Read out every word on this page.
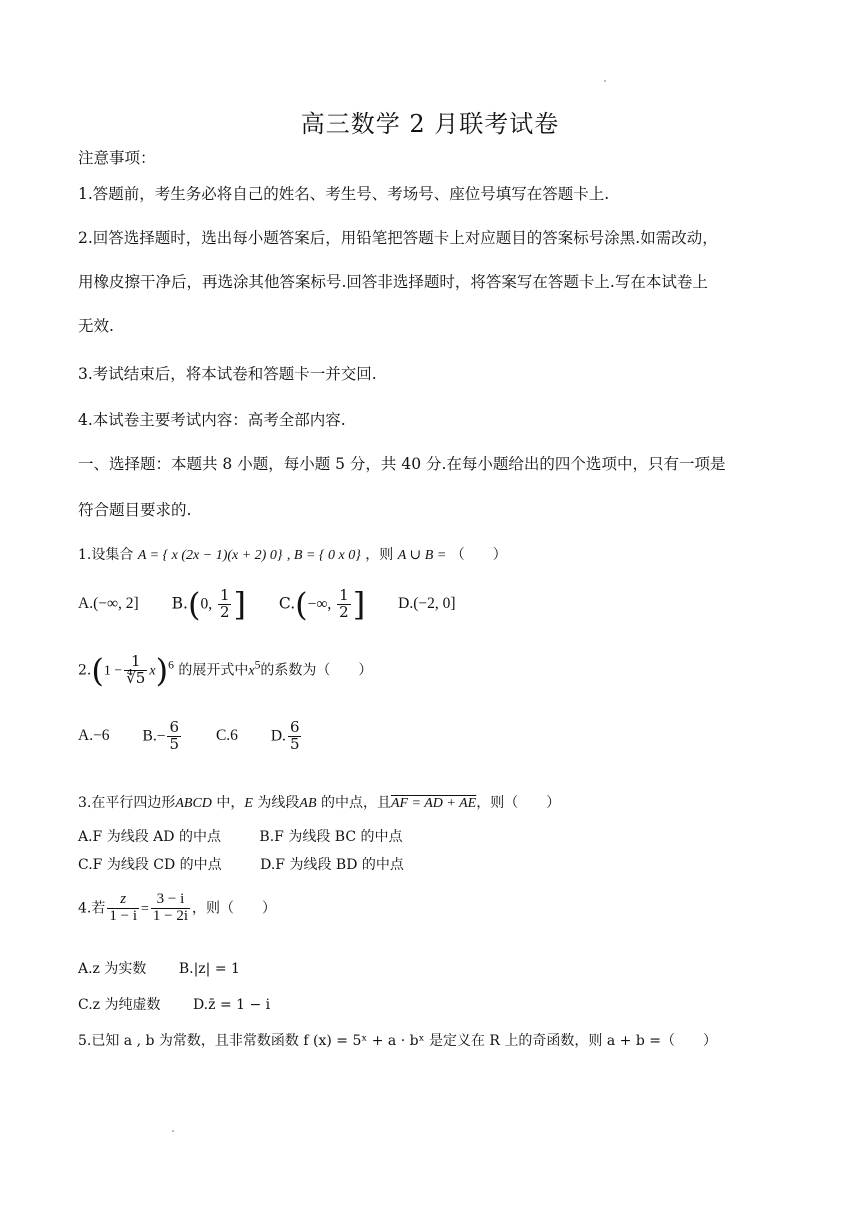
高三数学 2 月联考试卷
注意事项：
1.答题前，考生务必将自己的姓名、考生号、考场号、座位号填写在答题卡上.
2.回答选择题时，选出每小题答案后，用铅笔把答题卡上对应题目的答案标号涂黑.如需改动，
用橡皮擦干净后，再选涂其他答案标号.回答非选择题时，将答案写在答题卡上.写在本试卷上
无效.
3.考试结束后，将本试卷和答题卡一并交回.
4.本试卷主要考试内容：高考全部内容.
一、选择题：本题共 8 小题，每小题 5 分，共 40 分.在每小题给出的四个选项中，只有一项是
符合题目要求的.
1.设集合 A = { x (2x − 1)(x + 2) 0} , B = { 0 x 0} ，则 A ∪ B = （　　）
A.(−∞, 2] B.(0, $\frac{1}{2}$ ] C.(−∞, $\frac{1}{2}$ ] D.(−2, 0]
$2.(1 - \frac{1}{∜5} x)^6$ 的展开式中$x^5$的系数为（　　）
A.−6 $B.- \frac{6}{5} C.6$ D. $\frac{6}{5}$
3.在平行四边形ABCD 中，E 为线段AB 的中点，且AF = AD + AE，则（　　）
A.F 为线段 AD 的中点	B.F 为线段 BC 的中点
C.F 为线段 CD 的中点	D.F 为线段 BD 的中点
4.若 $\frac{z}{1 - i} = \frac{3 - i}{1 - 2i}$ ，则（　　）
A.z 为实数 B.|z| = 1
C.z 为纯虚数 D.z̄ = 1 − i
5.已知 a , b 为常数，且非常数函数 f (x) = 5ˣ + a · bˣ 是定义在 R 上的奇函数，则 a + b =（　　）
